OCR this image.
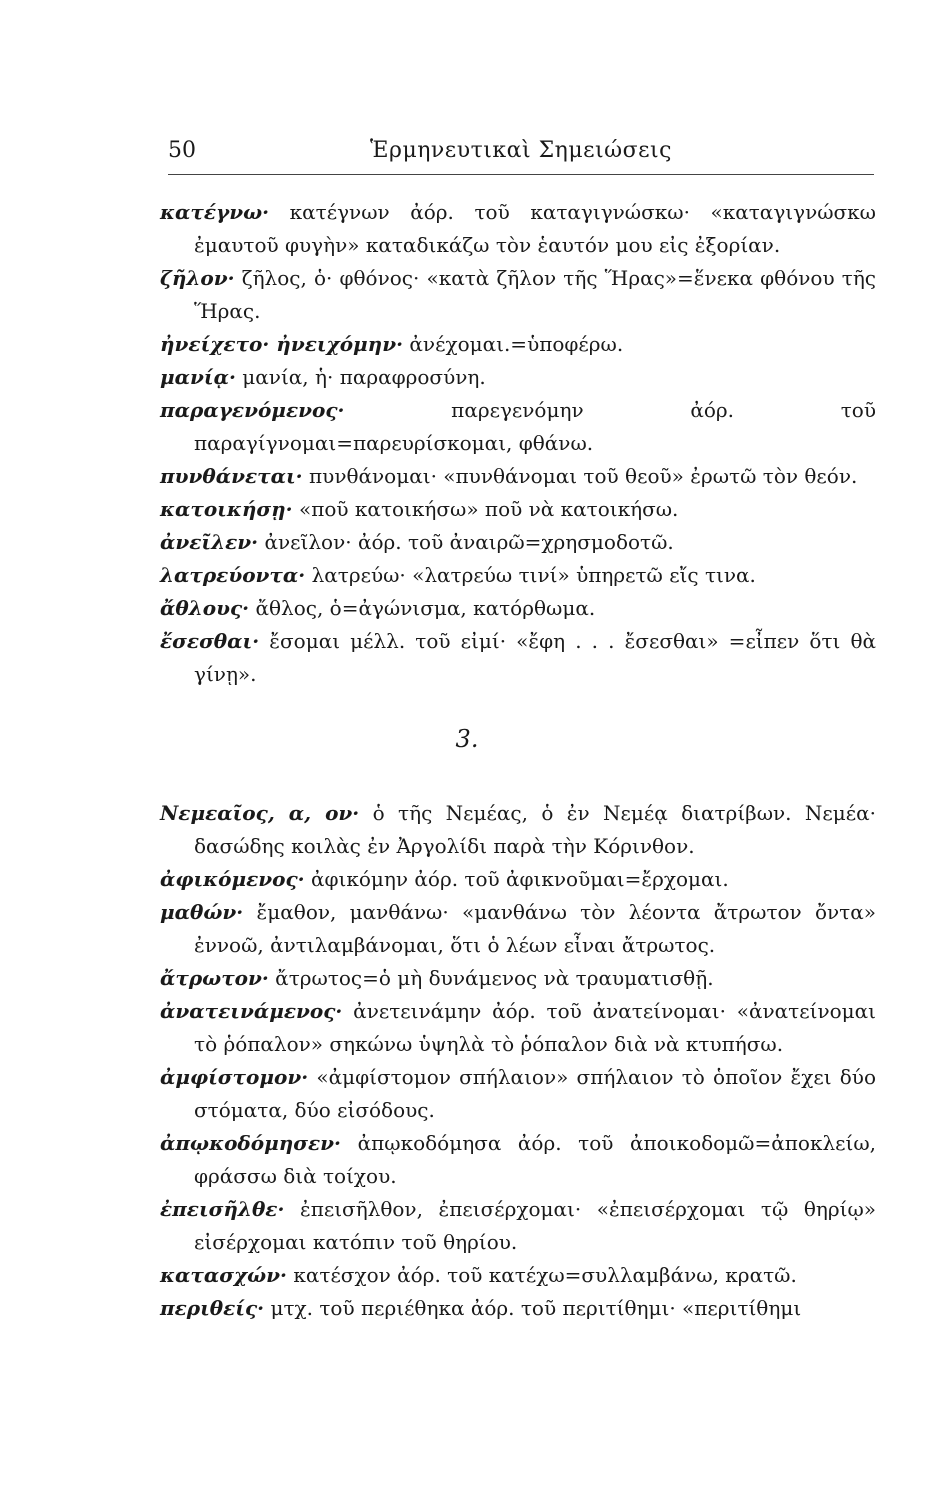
50	Ἑρμηνευτικαὶ Σημειώσεις

κατέγνω· κατέγνων ἀόρ. τοῦ καταγιγνώσκω· «καταγιγνώσκω ἐμαυτοῦ φυγὴν» καταδικάζω τὸν ἑαυτόν μου εἰς ἐξορίαν.

ζῆλον· ζῆλος, ὁ· φθόνος· «κατὰ ζῆλον τῆς Ἥρας»=ἕνεκα φθόνου τῆς Ἥρας.

ἠνείχετο· ἠνειχόμην· ἀνέχομαι.=ὑποφέρω.

μανίᾳ· μανία, ἡ· παραφροσύνη.

παραγενόμενος· παρεγενόμην ἀόρ. τοῦ παραγίγνομαι=παρευρίσκομαι, φθάνω.

πυνθάνεται· πυνθάνομαι· «πυνθάνομαι τοῦ θεοῦ» ἐρωτῶ τὸν θεόν.

κατοικήσῃ· «ποῦ κατοικήσω» ποῦ νὰ κατοικήσω.

ἀνεῖλεν· ἀνεῖλον· ἀόρ. τοῦ ἀναιρῶ=χρησμοδοτῶ.

λατρεύοντα· λατρεύω· «λατρεύω τινί» ὑπηρετῶ εἴς τινα.

ἄθλους· ἄθλος, ὁ=ἀγώνισμα, κατόρθωμα.

ἔσεσθαι· ἔσομαι μέλλ. τοῦ εἰμί· «ἔφη . . . ἔσεσθαι» =εἶπεν ὅτι θὰ γίνῃ».

3.

Νεμεαῖος, α, ον· ὁ τῆς Νεμέας, ὁ ἐν Νεμέᾳ διατρίβων. Νεμέα· δασώδης κοιλὰς ἐν Ἀργολίδι παρὰ τὴν Κόρινθον.

ἀφικόμενος· ἀφικόμην ἀόρ. τοῦ ἀφικνοῦμαι=ἔρχομαι.

μαθών· ἔμαθον, μανθάνω· «μανθάνω τὸν λέοντα ἄτρωτον ὄντα» ἐννοῶ, ἀντιλαμβάνομαι, ὅτι ὁ λέων εἶναι ἄτρωτος.

ἄτρωτον· ἄτρωτος=ὁ μὴ δυνάμενος νὰ τραυματισθῇ.

ἀνατεινάμενος· ἀνετεινάμην ἀόρ. τοῦ ἀνατείνομαι· «ἀνατείνομαι τὸ ῥόπαλον» σηκώνω ὑψηλὰ τὸ ῥόπαλον διὰ νὰ κτυπήσω.

ἀμφίστομον· «ἀμφίστομον σπήλαιον» σπήλαιον τὸ ὁποῖον ἔχει δύο στόματα, δύο εἰσόδους.

ἀπῳκοδόμησεν· ἀπῳκοδόμησα ἀόρ. τοῦ ἀποικοδομῶ=ἀποκλείω, φράσσω διὰ τοίχου.

ἐπεισῆλθε· ἐπεισῆλθον, ἐπεισέρχομαι· «ἐπεισέρχομαι τῷ θηρίῳ» εἰσέρχομαι κατόπιν τοῦ θηρίου.

κατασχών· κατέσχον ἀόρ. τοῦ κατέχω=συλλαμβάνω, κρατῶ.

περιθείς· μτχ. τοῦ περιέθηκα ἀόρ. τοῦ περιτίθημι· «περιτίθημι
